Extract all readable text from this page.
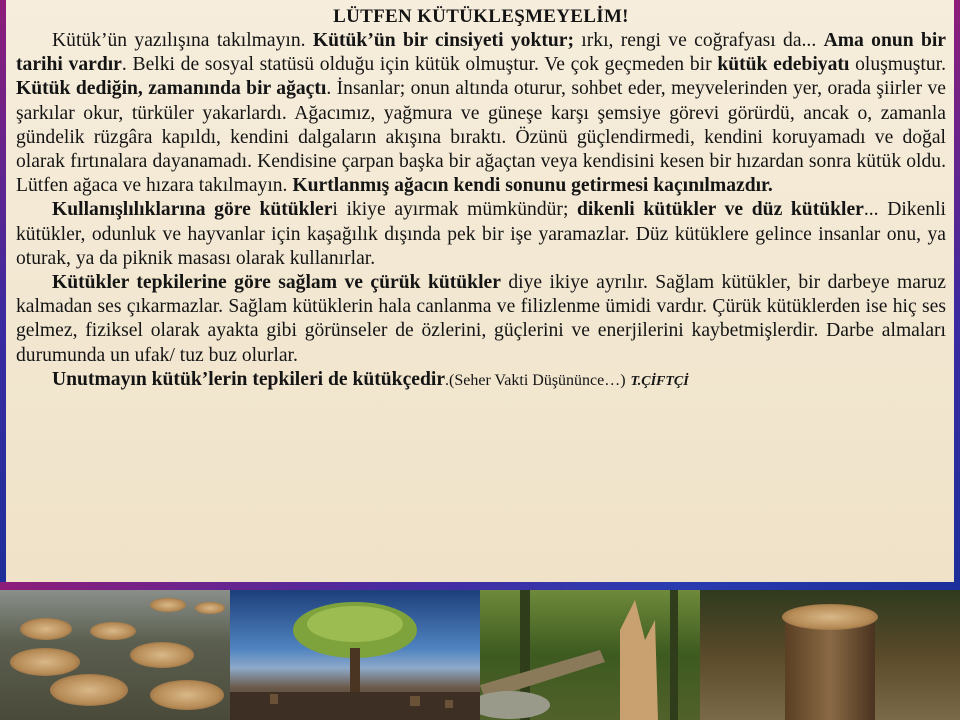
LÜTFEN KÜTÜKLEŞMEYELİM!

Kütük’ün yazılışına takılmayın. Kütük’ün bir cinsiyeti yoktur; ırkı, rengi ve coğrafyası da... Ama onun bir tarihi vardır. Belki de sosyal statüsü olduğu için kütük olmuştur. Ve çok geçmeden bir kütük edebiyatı oluşmuştur. Kütük dediğin, zamanında bir ağaçtı. İnsanlar; onun altında oturur, sohbet eder, meyvelerinden yer, orada şiirler ve şarkılar okur, türküler yakarlardı. Ağacımız, yağmura ve güneşe karşı şemsiye görevi görürdü, ancak o, zamanla gündelik rüzgâra kapıldı, kendini dalgaların akışına bıraktı. Özünü güçlendirmedi, kendini koruyamadı ve doğal olarak fırtınalara dayanamadı. Kendisine çarpan başka bir ağaçtan veya kendisini kesen bir hızardan sonra kütük oldu. Lütfen ağaca ve hızara takılmayın. Kurtlanmış ağacın kendi sonunu getirmesi kaçınılmazdır.

Kullanışlılıklarına göre kütükleri ikiye ayırmak mümkündür; dikenli kütükler ve düz kütükler... Dikenli kütükler, odunluk ve hayvanlar için kaşağılık dışında pek bir işe yaramazlar. Düz kütüklere gelince insanlar onu, ya oturak, ya da piknik masası olarak kullanırlar.

Kütükler tepkilerine göre sağlam ve çürük kütükler diye ikiye ayrılır. Sağlam kütükler, bir darbeye maruz kalmadan ses çıkarmazlar. Sağlam kütüklerin hala canlanma ve filizlenme ümidi vardır. Çürük kütüklerden ise hiç ses gelmez, fiziksel olarak ayakta gibi görünseler de özlerini, güçlerini ve enerjilerini kaybetmişlerdir. Darbe almaları durumunda un ufak/ tuz buz olurlar.

Unutmayın kütük’lerin tepkileri de kütükçedir.(Seher Vakti Düşününce…) T.ÇİFTÇİ
